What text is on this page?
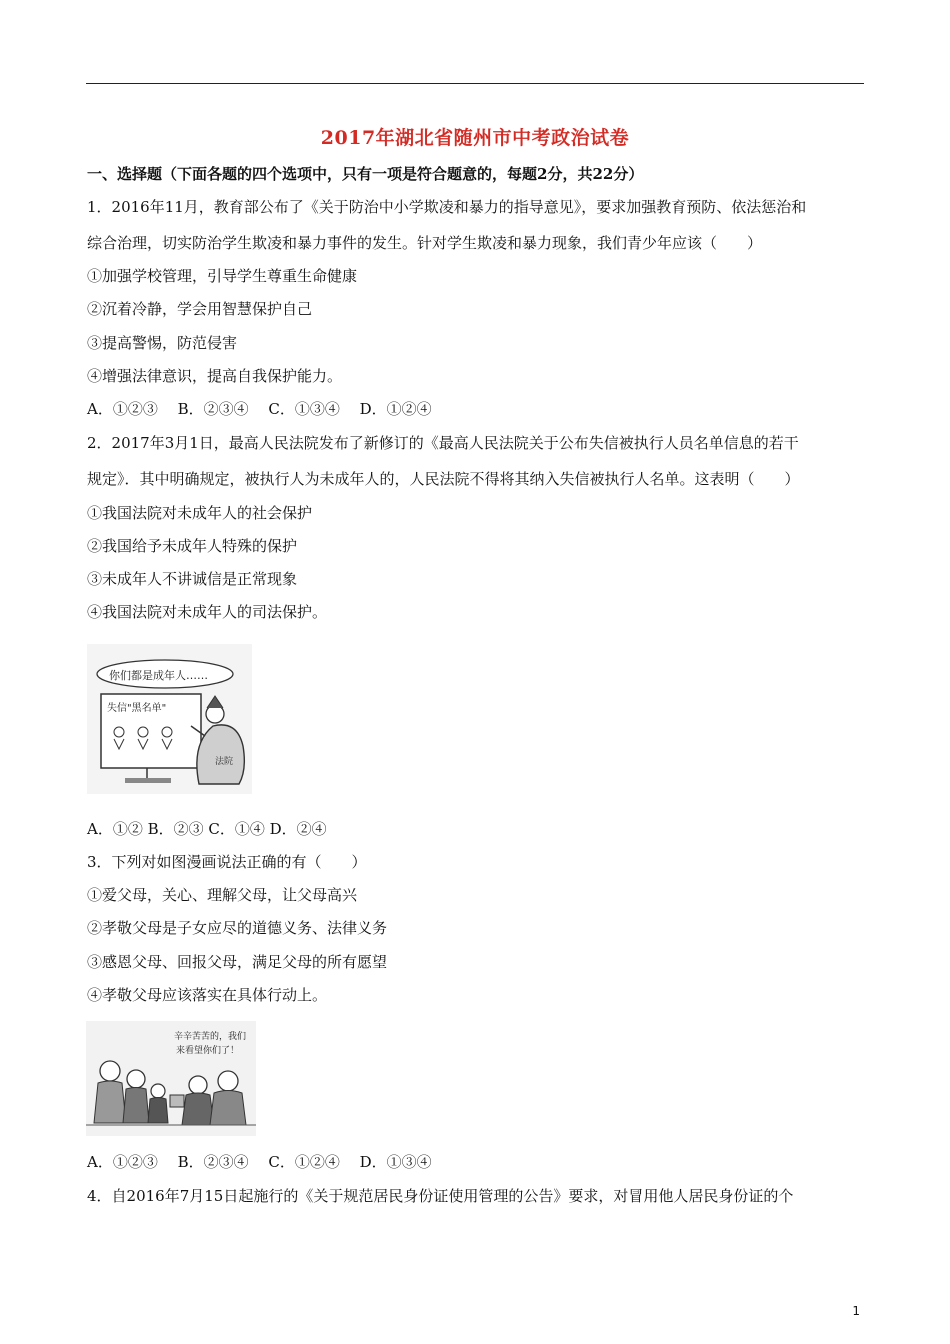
2017年湖北省随州市中考政治试卷
一、选择题（下面各题的四个选项中，只有一项是符合题意的，每题2分，共22分）
1．2016年11月，教育部公布了《关于防治中小学欺凌和暴力的指导意见》，要求加强教育预防、依法惩治和
综合治理，切实防治学生欺凌和暴力事件的发生。针对学生欺凌和暴力现象，我们青少年应该（　　）
①加强学校管理，引导学生尊重生命健康
②沉着冷静，学会用智慧保护自己
③提高警惕，防范侵害
④增强法律意识，提高自我保护能力。
A．①②③　 B．②③④　 C．①③④　 D．①②④
2．2017年3月1日，最高人民法院发布了新修订的《最高人民法院关于公布失信被执行人员名单信息的若干
规定》．其中明确规定，被执行人为未成年人的，人民法院不得将其纳入失信被执行人名单。这表明（　　）
①我国法院对未成年人的社会保护
②我国给予未成年人特殊的保护
③未成年人不讲诚信是正常现象
④我国法院对未成年人的司法保护。
你们都是成年人……
失信"黑名单"
法院
A．①② B．②③ C．①④ D．②④
3．下列对如图漫画说法正确的有（　　）
①爱父母，关心、理解父母，让父母高兴
②孝敬父母是子女应尽的道德义务、法律义务
③感恩父母、回报父母，满足父母的所有愿望
④孝敬父母应该落实在具体行动上。
辛辛苦苦的，我们
来看望你们了！
A．①②③　 B．②③④　 C．①②④　 D．①③④
4．自2016年7月15日起施行的《关于规范居民身份证使用管理的公告》要求，对冒用他人居民身份证的个
1
